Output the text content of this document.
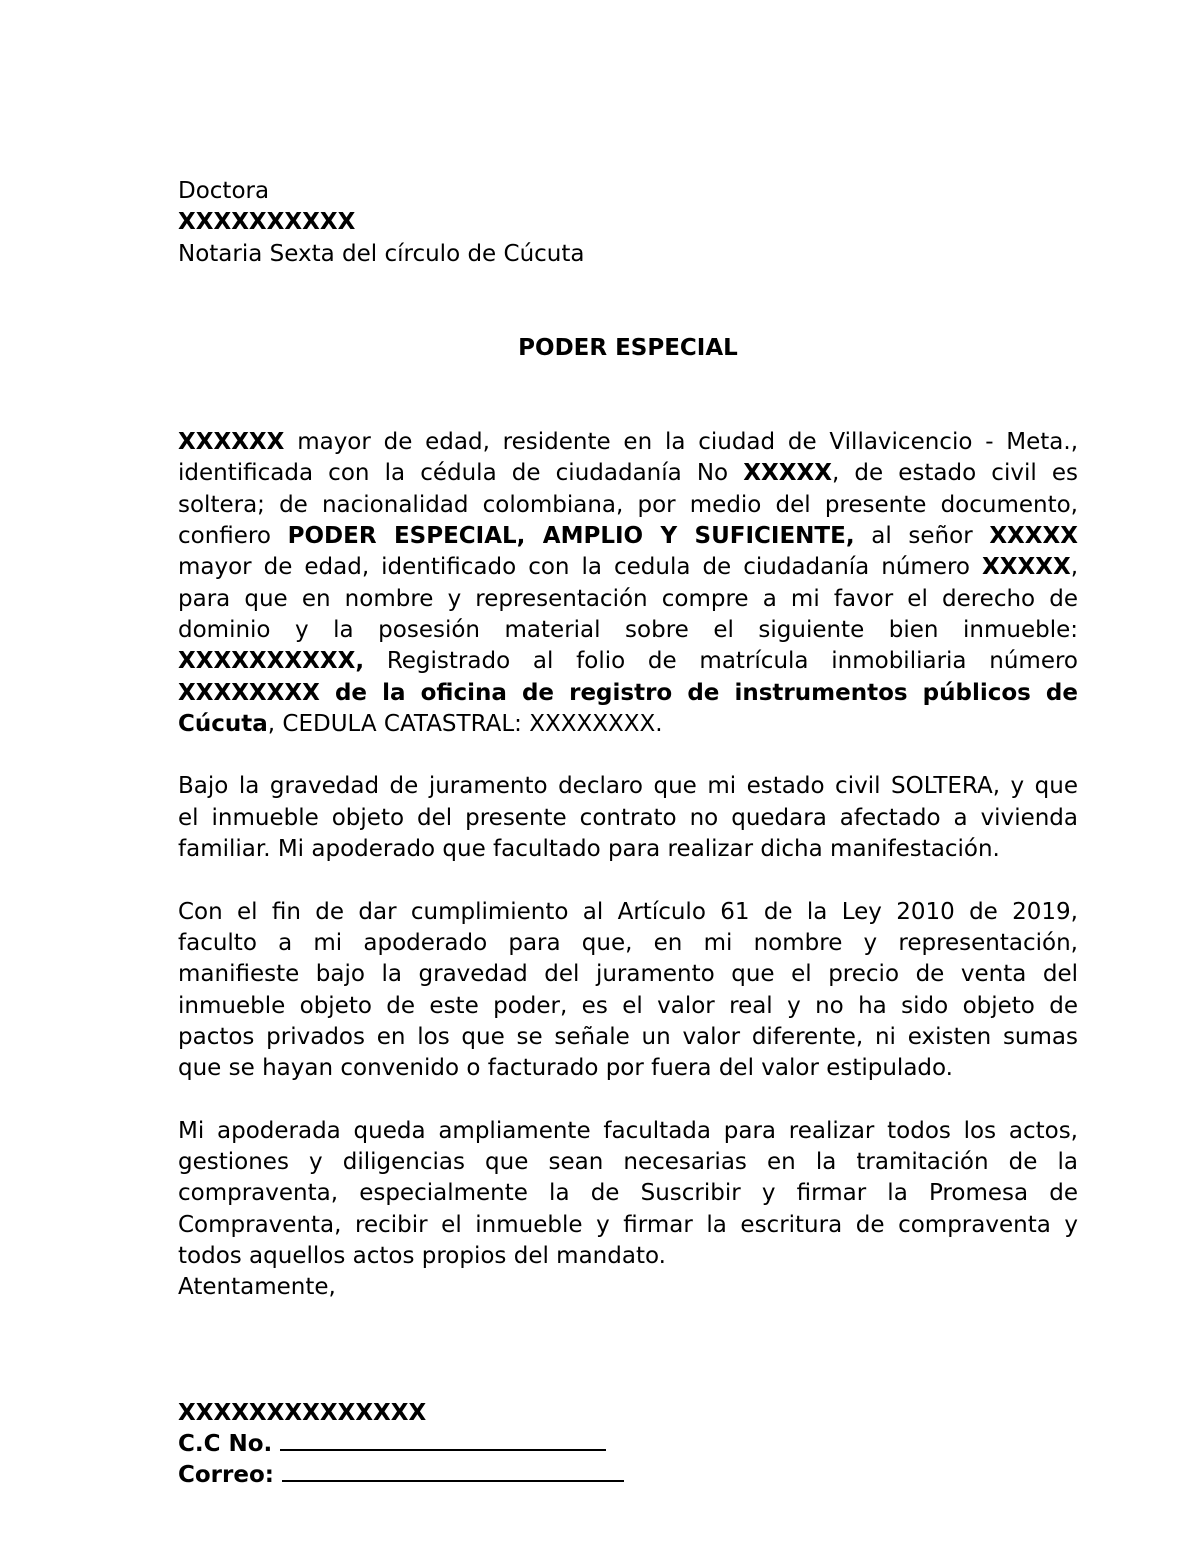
Doctora
XXXXXXXXXX
Notaria Sexta del círculo de Cúcuta
PODER ESPECIAL
XXXXXX mayor de edad, residente en la ciudad de Villavicencio - Meta.,
identificada con la cédula de ciudadanía No XXXXX, de estado civil es
soltera; de nacionalidad colombiana, por medio del presente documento,
confiero PODER ESPECIAL, AMPLIO Y SUFICIENTE, al señor XXXXX
mayor de edad, identificado con la cedula de ciudadanía número XXXXX,
para que en nombre y representación compre a mi favor el derecho de
dominio y la posesión material sobre el siguiente bien inmueble:
XXXXXXXXXX, Registrado al folio de matrícula inmobiliaria número
XXXXXXXX de la oficina de registro de instrumentos públicos de
Cúcuta, CEDULA CATASTRAL: XXXXXXXX.
Bajo la gravedad de juramento declaro que mi estado civil SOLTERA, y que
el inmueble objeto del presente contrato no quedara afectado a vivienda
familiar. Mi apoderado que facultado para realizar dicha manifestación.
Con el fin de dar cumplimiento al Artículo 61 de la Ley 2010 de 2019,
faculto a mi apoderado para que, en mi nombre y representación,
manifieste bajo la gravedad del juramento que el precio de venta del
inmueble objeto de este poder, es el valor real y no ha sido objeto de
pactos privados en los que se señale un valor diferente, ni existen sumas
que se hayan convenido o facturado por fuera del valor estipulado.
Mi apoderada queda ampliamente facultada para realizar todos los actos,
gestiones y diligencias que sean necesarias en la tramitación de la
compraventa, especialmente la de Suscribir y firmar la Promesa de
Compraventa, recibir el inmueble y firmar la escritura de compraventa y
todos aquellos actos propios del mandato.
Atentamente,
XXXXXXXXXXXXXX
C.C No.
Correo:
